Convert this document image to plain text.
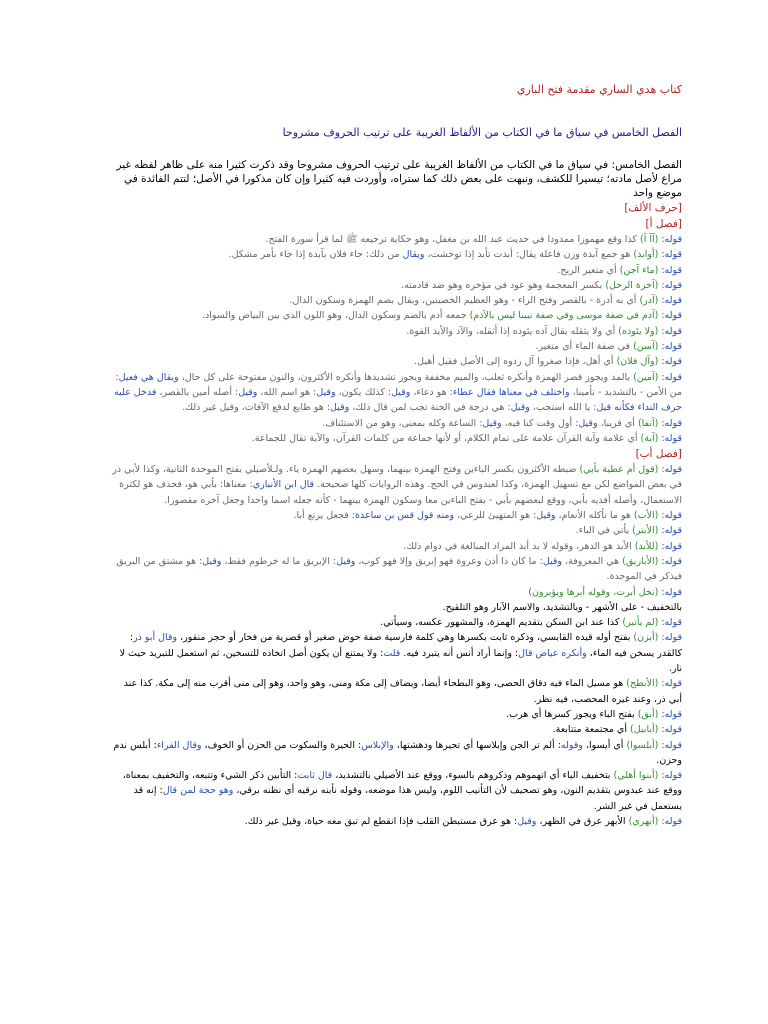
كتاب هدي الساري مقدمة فتح الباري
الفصل الخامس في سياق ما في الكتاب من الألفاظ الغريبة على ترتيب الحروف مشروحا
الفصل الخامس: في سياق ما في الكتاب من الألفاظ الغريبة على ترتيب الحروف مشروحا وقد ذكرت كثيرا منه على ظاهر لفظه غير مراع لأصل مادته؛ تيسيرا للكشف، ونبهت على بعض ذلك كما ستراه، وأوردت فيه كثيرا وإن كان مذكورا في الأصل؛ لتتم الفائدة في موضع واحد
[حرف الألف]
[فصل أ]

قوله: (آآ آ) كذا وقع مهموزا ممدودا في حديث عبد الله بن مغفل، وهو حكاية ترجيعه ﷺ لما قرأ سورة الفتح.

قوله: (أوابد) هو جمع آبدة وزن فاعلة يقال: أبدت تأبد إذا توحشت، ويقال من ذلك: جاء فلان بآبدة إذا جاء بأمر مشكل.

قوله: (ماء آجن) أي متغير الريح.

قوله: (آخرة الرحل) بكسر المعجمة وهو عود في مؤخره وهو ضد قادمته.

قوله: (آدر) أي به أدرة - بالقصر وفتح الراء - وهو العظيم الخصيتين، ويقال بضم الهمزة وسكون الدال.

قوله: (آدم في صفة موسى وفي صفة نبينا ليس بالآدم) جمعه أدم بالضم وسكون الدال، وهو اللون الذي بين البياض والسواد.

قوله: (ولا يئوده) أي ولا يثقله يقال آده يئوده إذا أثقله، والآد والأيد القوة.

قوله: (آسن) في صفة الماء أي متغير.

قوله: (وآل فلان) أي أهل، فإذا صغروا آل ردوه إلى الأصل فقيل أهيل.

قوله: (آمين) بالمد ويجوز قصر الهمزة وأنكره ثعلب، والميم مخففة ويجوز تشديدها وأنكره الأكثرون، والنون مفتوحة على كل حال، ويقال هي فعيل: من الأمن - بالتشديد - تأمينا، واختلف في معناها فقال عطاء: هو دعاء، وقيل: كذلك يكون، وقيل: هو اسم الله، وقيل: أصله أمين بالقصر، فدخل عليه حرف النداء فكأنه قيل: يا الله استجب، وقيل: هي درجة في الجنة تجب لمن قال ذلك، وقيل: هو طابع لدفع الآفات، وقيل غير ذلك.

قوله: (آنفا) أي قريبا، وقيل: أول وقت كنا فيه، وقيل: الساعة وكله بمعنى، وهو من الاستئناف.

قوله: (آية) أي علامة وآية القرآن علامة على تمام الكلام، أو لأنها جماعة من كلمات القرآن، والآية تقال للجماعة.

[فصل أب]

قوله: (قول أم عطية بأبي) ضبطه الأكثرون بكسر الباءين وفتح الهمزة بينهما، وسهل بعضهم الهمزة ياء. ولـلأصيلي بفتح الموحدة الثانية، وكذا لأبي ذر في بعض المواضع لكن مع تسهيل الهمزة، وكذا لعبدوس في الحج. وهذه الروايات كلها صحيحة. قال ابن الأنباري: معناها: بأبي هو، فحذف هو لكثرة الاستعمال، وأصله أفديه بأبي، ووقع لبعضهم بأبي - بفتح الباءين معا وسكون الهمزة بينهما - كأنه جعله اسما واحدا وجعل آخره مقصورا.

قوله: (الأب) هو ما تأكله الأنعام، وقيل: هو المتهيئ للرعي، ومنه قول قس بن ساعدة: فجعل يرتع أبا.

قوله: (الأبتر) يأتي في الباء.

قوله: (للأبد) الأبد هو الدهر، وقوله لا بد أبد المراد المبالغة في دوام ذلك.

قوله: (الأباريق) هي المعروفة، وقيل: ما كان ذا أذن وعروة فهو إبريق وإلا فهو كوب، وقيل: الإبريق ما له خرطوم فقط، وقيل: هو مشتق من البريق فيذكر في الموحدة.

قوله: (نخل أبرت، وقوله أبرها ويؤبرون)

بالتخفيف - على الأشهر - وبالتشديد، والاسم الآبار وهو التلقيح.

قوله: (لم يأتبر) كذا عند ابن السكن بتقديم الهمزة، والمشهور عكسه، وسيأتي.

قوله: (أبزن) بفتح أوله قيده القابسي، وذكره ثابت بكسرها وهي كلمة فارسية صفة حوض صغير أو قصرية من فخار أو حجر منقور، وقال أبو ذر: كالقدر يسخن فيه الماء، وأنكره عياض قال: وإنما أراد أنس أنه يتبرد فيه. قلت: ولا يمتنع أن يكون أصل اتخاذه للتسخين، ثم استعمل للتبريد حيث لا نار.

قوله: (الأبطح) هو مسيل الماء فيه دقاق الحصى، وهو البطحاء أيضا، ويضاف إلى مكة ومنى، وهو واحد، وهو إلى منى أقرب منه إلى مكة. كذا عند أبي ذر، وعند غيره المحصب، فيه نظر.

قوله: (أبق) بفتح الباء ويجوز كسرها أي هرب.

قوله: (أبابيل) أي مجتمعة متتابعة.

قوله: (أبلسوا) أي أيسوا، وقوله: ألم تر الجن وإبلاسها أي تحيرها ودهشتها، والإبلاس: الحيرة والسكوت من الحزن أو الخوف، وقال الفراء: أبلس ندم وحزن.

قوله: (أبنوا أهلي) بتخفيف الباء أي اتهموهم وذكروهم بالسوء، ووقع عند الأصيلي بالتشديد، قال ثابت: التأبين ذكر الشيء وتتبعه، والتخفيف بمعناه، ووقع عند عبدوس بتقديم النون، وهو تصحيف لأن التأنيب اللوم، وليس هذا موضعه، وقوله نأبنه نرقيه أي نظنه برقي، وهو حجة لمن قال: إنه قد يستعمل في غير الشر.

قوله: (أبهري) الأبهر عرق في الظهر، وقيل: هو عرق مستبطن القلب فإذا انقطع لم تبق معه حياة، وقيل غير ذلك.
